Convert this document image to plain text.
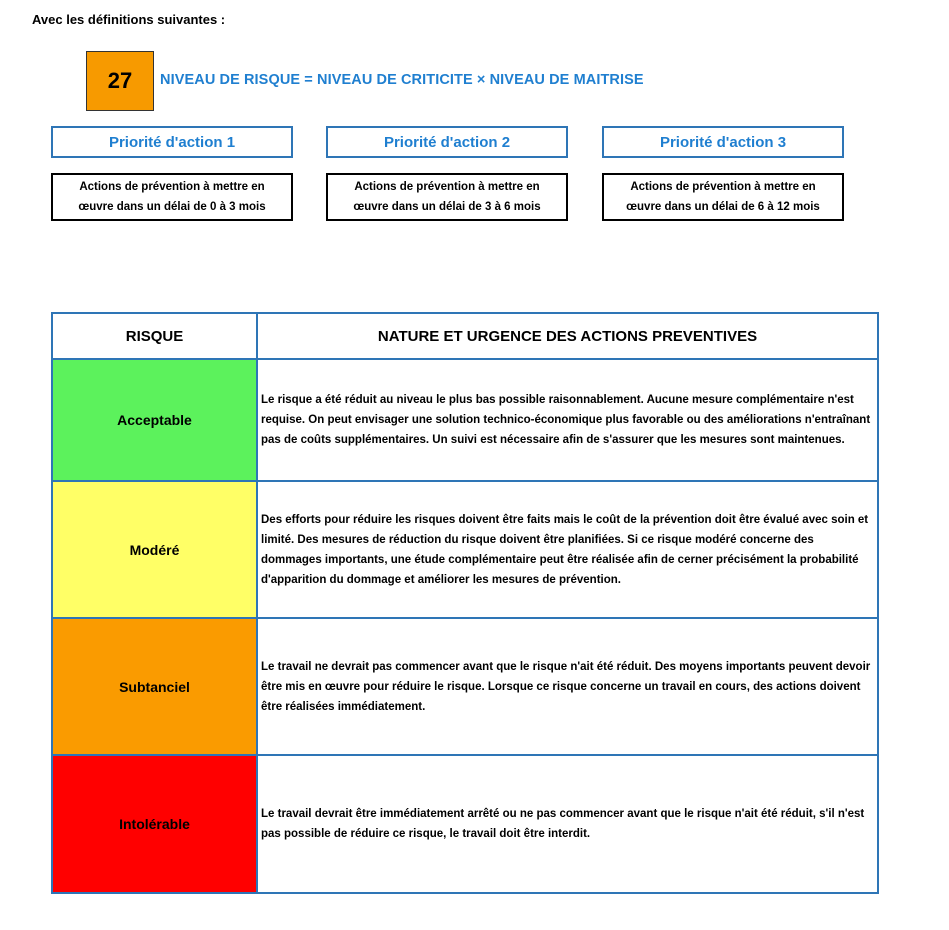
Avec les définitions suivantes :
27	NIVEAU DE RISQUE = NIVEAU DE CRITICITE × NIVEAU DE MAITRISE
Priorité d'action 1	Priorité d'action 2	Priorité d'action 3
Actions de prévention à mettre en œuvre dans un délai de 0 à 3 mois
Actions de prévention à mettre en œuvre dans un délai de 3 à 6 mois
Actions de prévention à mettre en œuvre dans un délai de 6 à 12 mois
RISQUE	NATURE ET URGENCE DES ACTIONS PREVENTIVES
Acceptable	Le risque a été réduit au niveau le plus bas possible raisonnablement. Aucune mesure complémentaire n'est requise. On peut envisager une solution technico-économique plus favorable ou des améliorations n'entraînant pas de coûts supplémentaires. Un suivi est nécessaire afin de s'assurer que les mesures sont maintenues.
Modéré	Des efforts pour réduire les risques doivent être faits mais le coût de la prévention doit être évalué avec soin et limité. Des mesures de réduction du risque doivent être planifiées. Si ce risque modéré concerne des dommages importants, une étude complémentaire peut être réalisée afin de cerner précisément la probabilité d'apparition du dommage et améliorer les mesures de prévention.
Subtanciel	Le travail ne devrait pas commencer avant que le risque n'ait été réduit. Des moyens importants peuvent devoir être mis en œuvre pour réduire le risque. Lorsque ce risque concerne un travail en cours, des actions doivent être réalisées immédiatement.
Intolérable	Le travail devrait être immédiatement arrêté ou ne pas commencer avant que le risque n'ait été réduit, s'il n'est pas possible de réduire ce risque, le travail doit être interdit.
